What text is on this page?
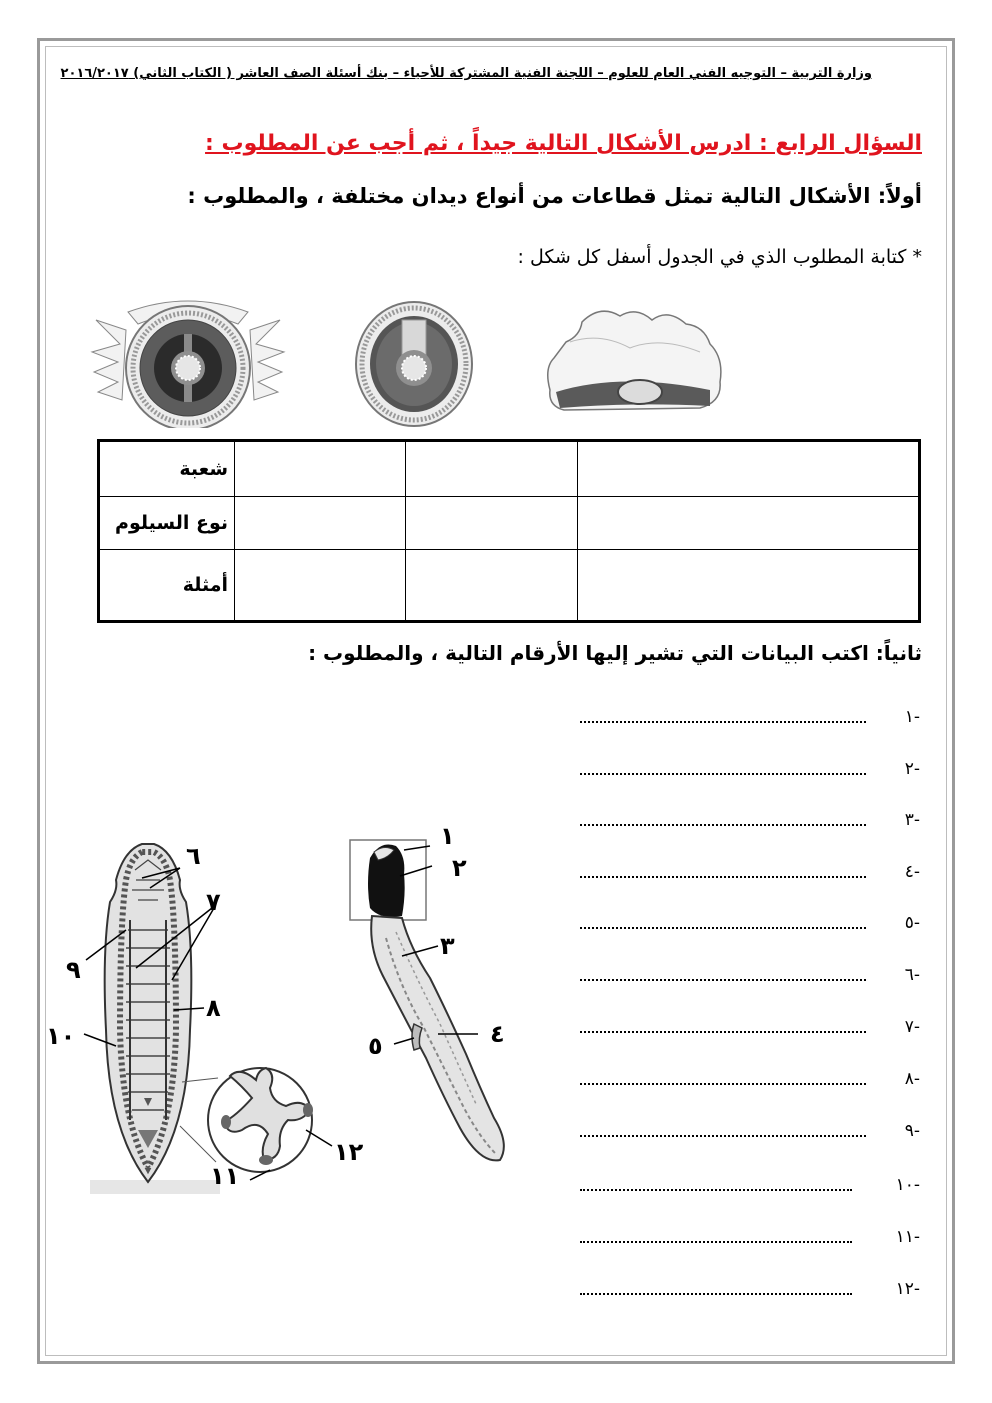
وزارة التربية – التوجيه الفني العام للعلوم – اللجنة الفنية المشتركة للأحياء – بنك أسئلة الصف العاشر ( الكتاب الثاني) ٢٠١٦/٢٠١٧
السؤال الرابع : ادرس الأشكال التالية جيداً ، ثم أجب عن المطلوب :
أولاً: الأشكال التالية تمثل قطاعات من أنواع ديدان مختلفة ، والمطلوب :
* كتابة المطلوب الذي في الجدول أسفل كل شكل :
			شعبة
			نوع السيلوم
			أمثلة
ثانياً: اكتب البيانات التي تشير إليها الأرقام التالية ، والمطلوب :
-١
-٢
-٣
-٤
-٥
-٦
-٧
-٨
-٩
-١٠
-١١
-١٢
٦
٧
٩
٨
١٠
١١
١٢
١
٢
٣
٤
٥
